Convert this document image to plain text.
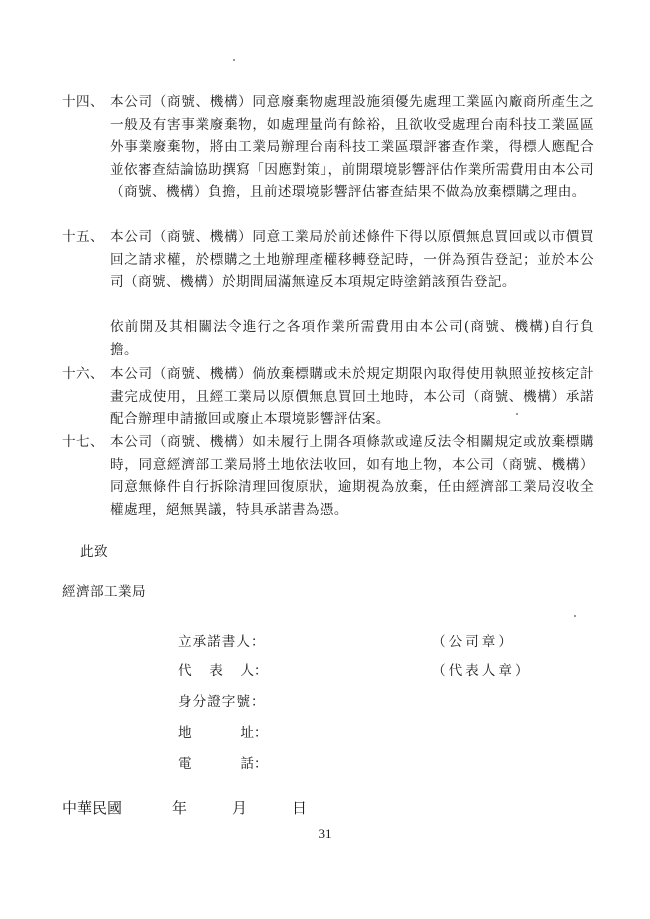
十四、 本公司（商號、機構）同意廢棄物處理設施須優先處理工業區內廠商所產生之一般及有害事業廢棄物，如處理量尚有餘裕，且欲收受處理台南科技工業區區外事業廢棄物，將由工業局辦理台南科技工業區環評審查作業，得標人應配合並依審查結論協助撰寫「因應對策」，前開環境影響評估作業所需費用由本公司（商號、機構）負擔，且前述環境影響評估審查結果不做為放棄標購之理由。
十五、 本公司（商號、機構）同意工業局於前述條件下得以原價無息買回或以市價買回之請求權，於標購之土地辦理產權移轉登記時，一併為預告登記；並於本公司（商號、機構）於期間屆滿無違反本項規定時塗銷該預告登記。
依前開及其相關法令進行之各項作業所需費用由本公司(商號、機構)自行負擔。
十六、 本公司（商號、機構）倘放棄標購或未於規定期限內取得使用執照並按核定計畫完成使用，且經工業局以原價無息買回土地時，本公司（商號、機構）承諾配合辦理申請撤回或廢止本環境影響評估案。
十七、 本公司（商號、機構）如未履行上開各項條款或違反法令相關規定或放棄標購時，同意經濟部工業局將土地依法收回，如有地上物，本公司（商號、機構）同意無條件自行拆除清理回復原狀，逾期視為放棄，任由經濟部工業局沒收全權處理，絕無異議，特具承諾書為憑。
此致
經濟部工業局
立承諾書人：	（公司章）
代 表 人 ：	（代表人章）
身分證字號：
地	址 ：
電	話 ：
中華民國	年	月	日
31
